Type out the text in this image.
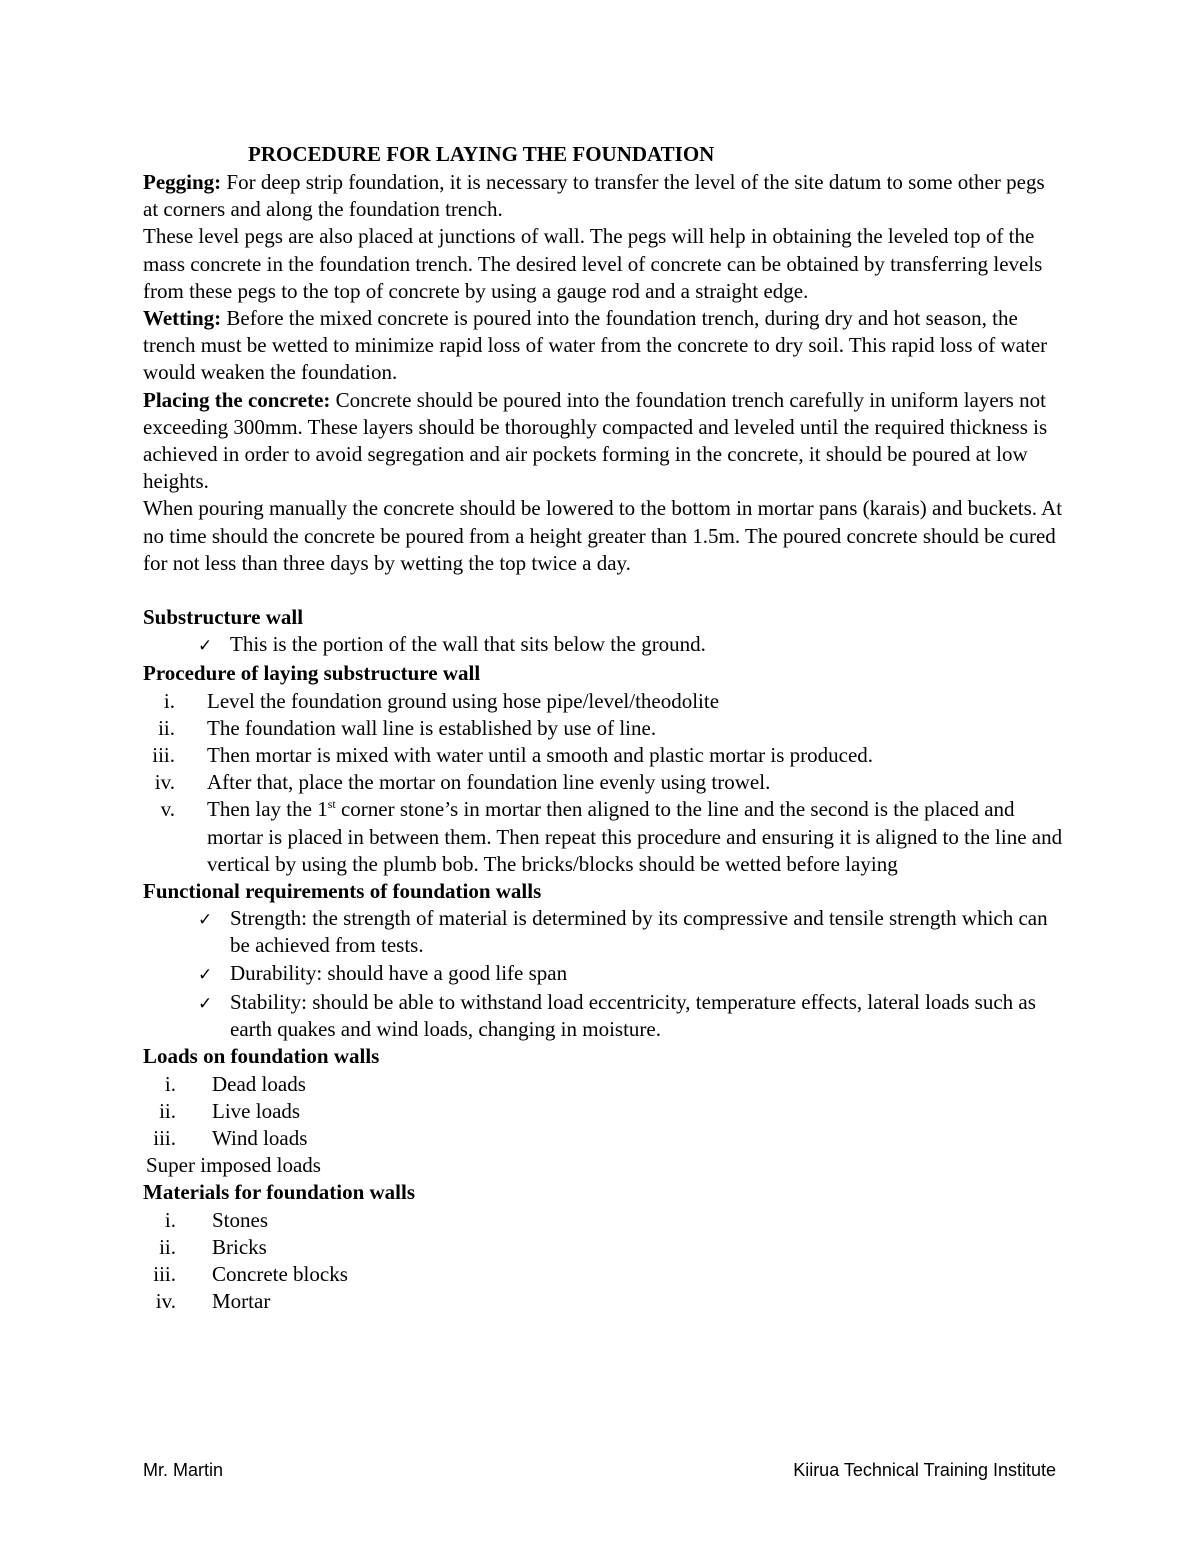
PROCEDURE FOR LAYING THE FOUNDATION

Pegging: For deep strip foundation, it is necessary to transfer the level of the site datum to some other pegs at corners and along the foundation trench.

These level pegs are also placed at junctions of wall. The pegs will help in obtaining the leveled top of the mass concrete in the foundation trench. The desired level of concrete can be obtained by transferring levels from these pegs to the top of concrete by using a gauge rod and a straight edge.

Wetting: Before the mixed concrete is poured into the foundation trench, during dry and hot season, the trench must be wetted to minimize rapid loss of water from the concrete to dry soil. This rapid loss of water would weaken the foundation.

Placing the concrete: Concrete should be poured into the foundation trench carefully in uniform layers not exceeding 300mm. These layers should be thoroughly compacted and leveled until the required thickness is achieved in order to avoid segregation and air pockets forming in the concrete, it should be poured at low heights.

When pouring manually the concrete should be lowered to the bottom in mortar pans (karais) and buckets. At no time should the concrete be poured from a height greater than 1.5m. The poured concrete should be cured for not less than three days by wetting the top twice a day.

Substructure wall

✓ This is the portion of the wall that sits below the ground.

Procedure of laying substructure wall

i.	Level the foundation ground using hose pipe/level/theodolite
ii.	The foundation wall line is established by use of line.
iii.	Then mortar is mixed with water until a smooth and plastic mortar is produced.
iv.	After that, place the mortar on foundation line evenly using trowel.
v.	Then lay the 1st corner stone’s in mortar then aligned to the line and the second is the placed and mortar is placed in between them. Then repeat this procedure and ensuring it is aligned to the line and vertical by using the plumb bob. The bricks/blocks should be wetted before laying

Functional requirements of foundation walls

✓ Strength: the strength of material is determined by its compressive and tensile strength which can be achieved from tests.
✓ Durability: should have a good life span
✓ Stability: should be able to withstand load eccentricity, temperature effects, lateral loads such as earth quakes and wind loads, changing in moisture.

Loads on foundation walls

i.	Dead loads
ii.	Live loads
iii.	Wind loads

Super imposed loads

Materials for foundation walls

i.	Stones
ii.	Bricks
iii.	Concrete blocks
iv.	Mortar
Mr. Martin	Kiirua Technical Training Institute
